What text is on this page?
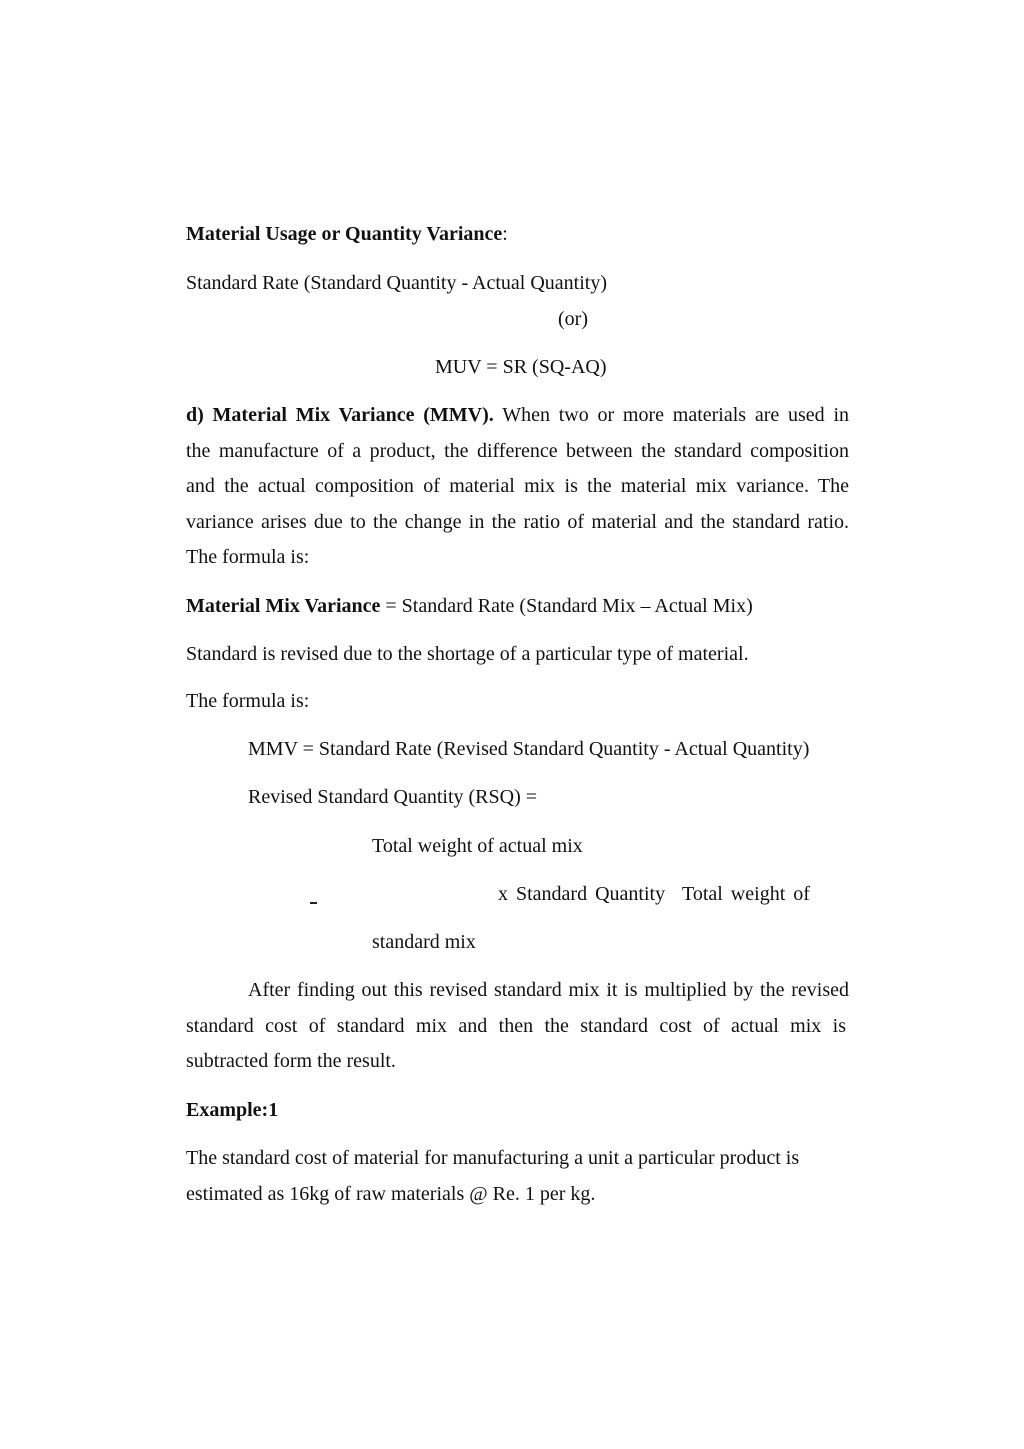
Material Usage or Quantity Variance:
Standard Rate (Standard Quantity - Actual Quantity)
(or)
MUV = SR (SQ-AQ)
d) Material Mix Variance (MMV). When two or more materials are used in
the manufacture of a product, the difference between the standard composition
and the actual composition of material mix is the material mix variance. The
variance arises due to the change in the ratio of material and the standard ratio.
The formula is:
Material Mix Variance = Standard Rate (Standard Mix – Actual Mix)
Standard is revised due to the shortage of a particular type of material.
The formula is:
MMV = Standard Rate (Revised Standard Quantity - Actual Quantity)
Revised Standard Quantity (RSQ) =
Total weight of actual mix
x Standard Quantity Total weight of
standard mix
After finding out this revised standard mix it is multiplied by the revised
standard cost of standard mix and then the standard cost of actual mix is
subtracted form the result.
Example:1
The standard cost of material for manufacturing a unit a particular product is
estimated as 16kg of raw materials @ Re. 1 per kg.
